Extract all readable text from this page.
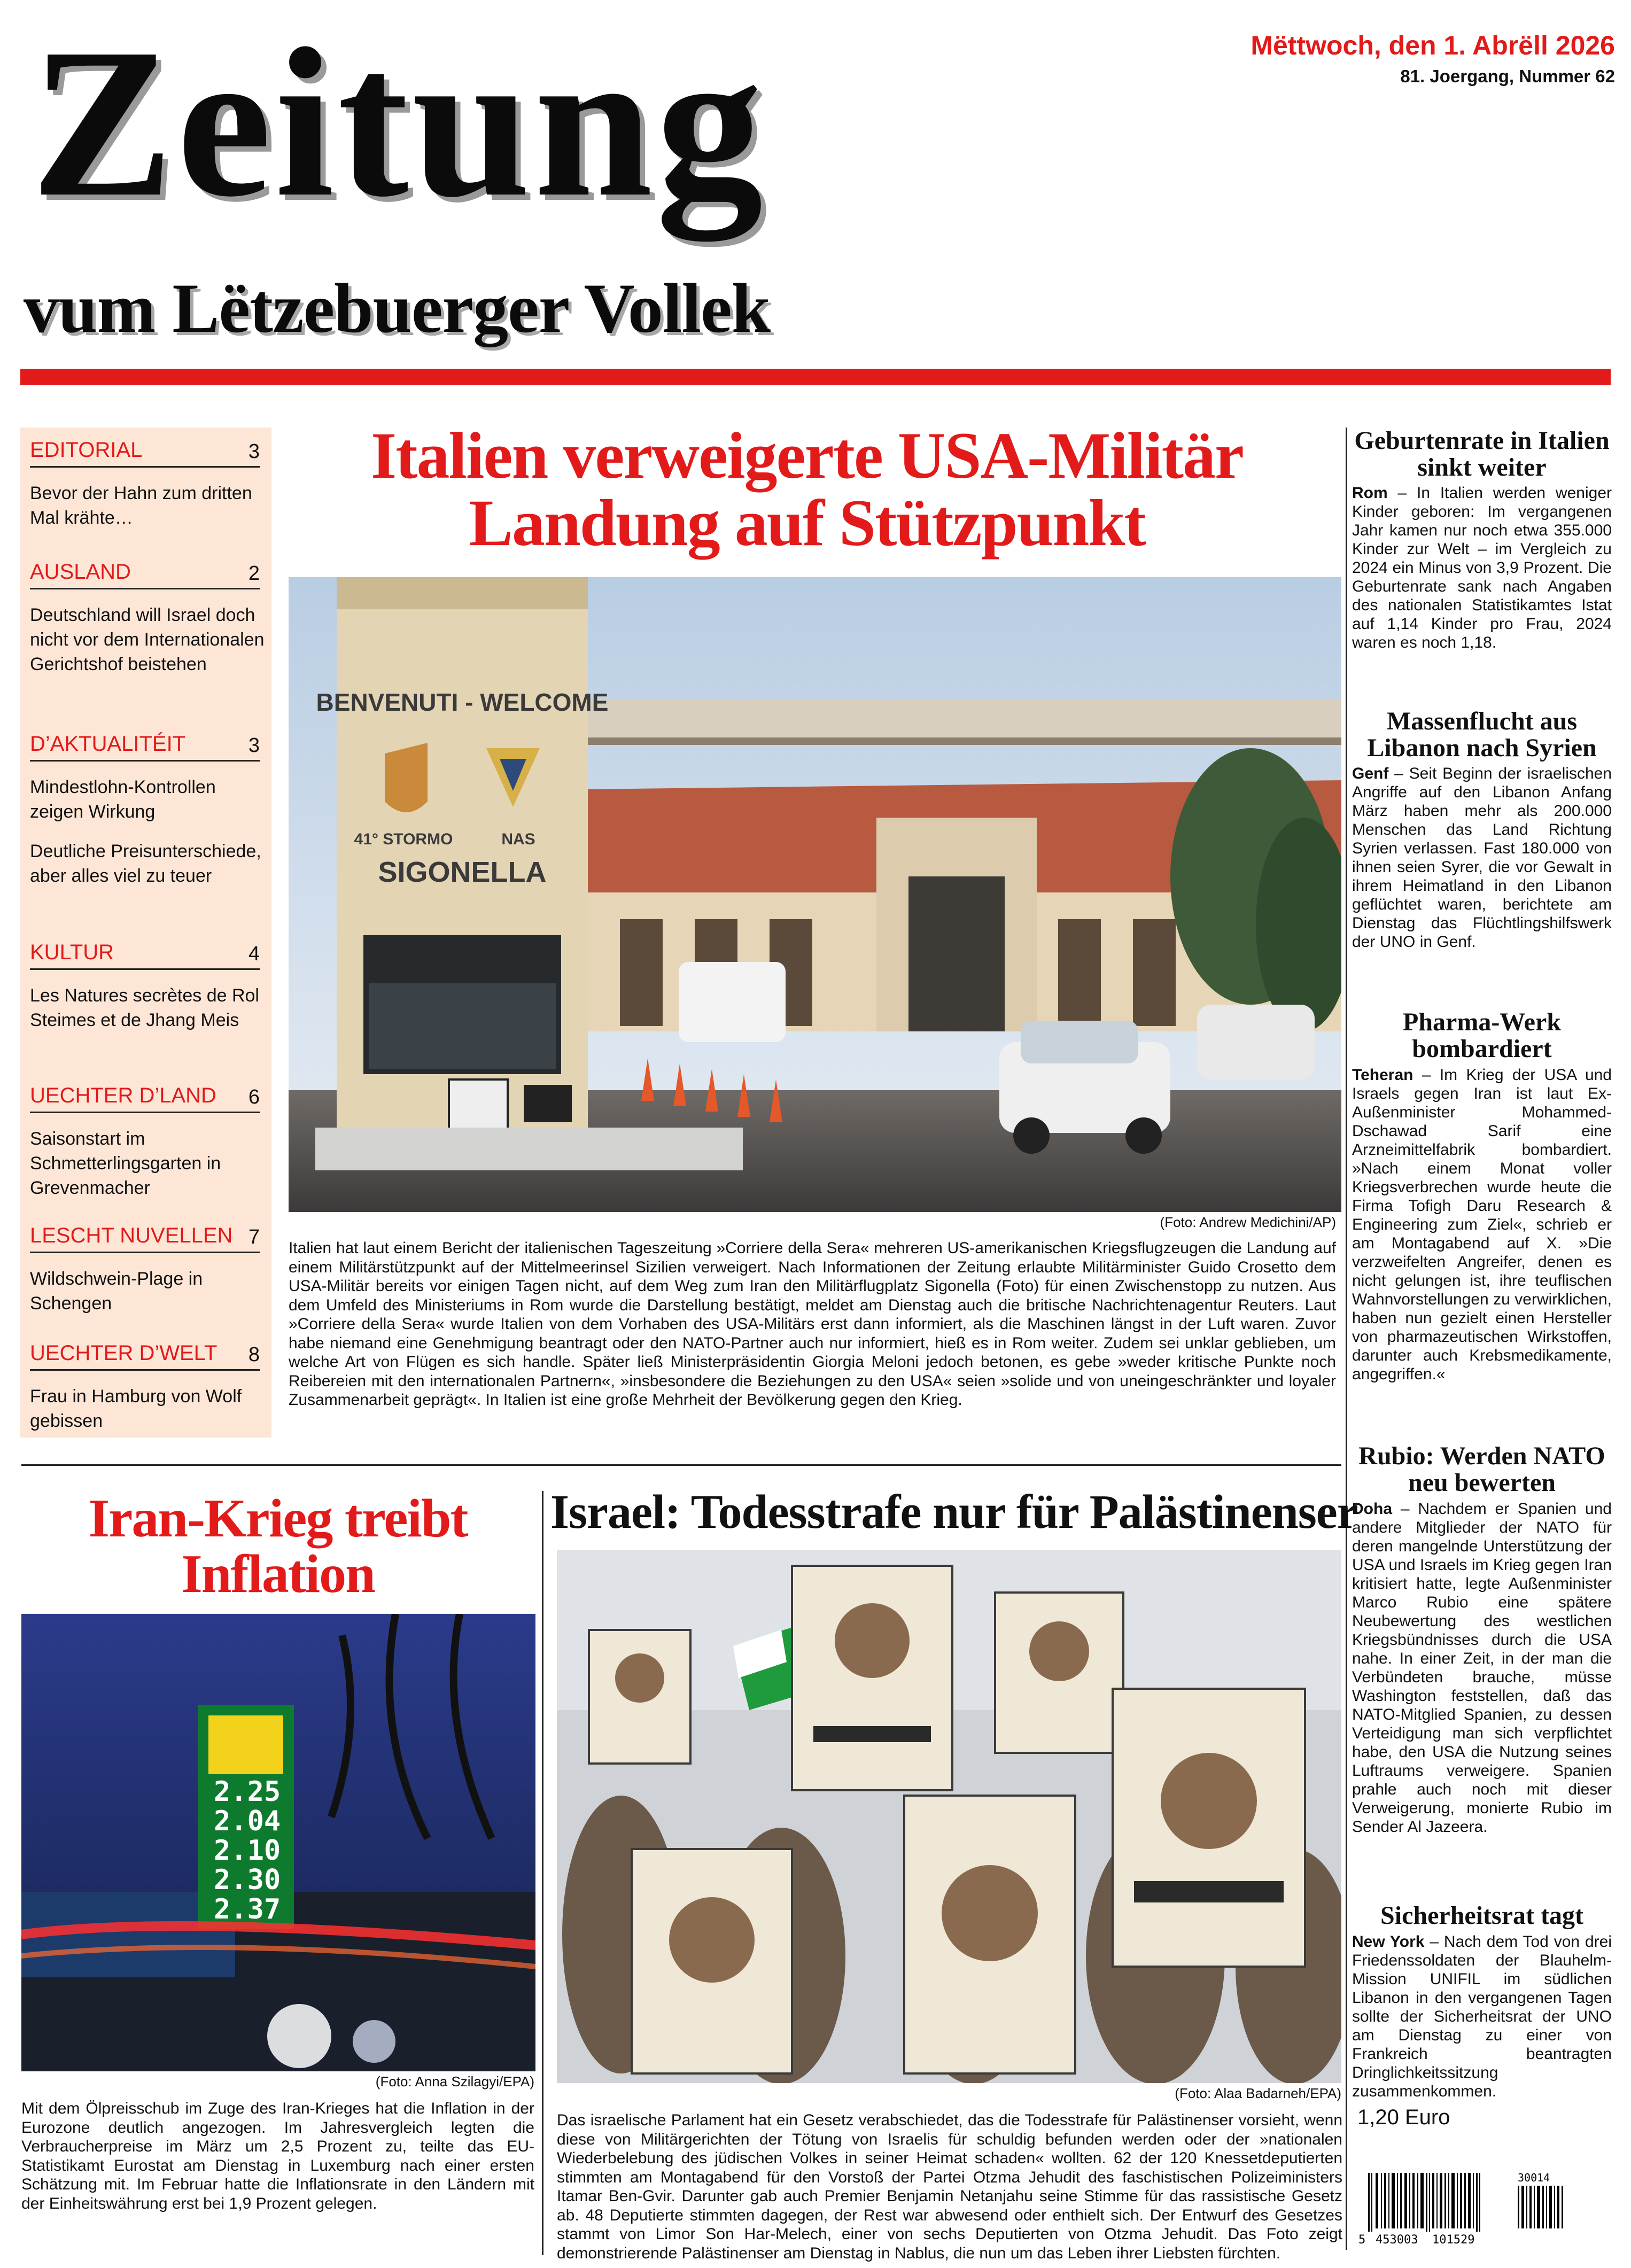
Zeitung
vum Lëtzebuerger Vollek
Mëttwoch, den 1. Abrëll 2026
81. Joergang, Nummer 62
EDITORIAL	3
Bevor der Hahn zum dritten Mal krähte…
AUSLAND	2
Deutschland will Israel doch nicht vor dem Internationalen Gerichtshof beistehen
D’AKTUALITÉIT	3
Mindestlohn-Kontrollen zeigen Wirkung
Deutliche Preisunterschiede, aber alles viel zu teuer
KULTUR	4
Les Natures secrètes de Rol Steimes et de Jhang Meis
UECHTER D’LAND 6
Saisonstart im Schmetterlingsgarten in Grevenmacher
LESCHT NUVELLEN 7
Wildschwein-Plage in Schengen
UECHTER D’WELT 8
Frau in Hamburg von Wolf gebissen
Italien verweigerte USA-Militär
Landung auf Stützpunkt
BENVENUTI - WELCOME
41° STORMO	NAS
SIGONELLA
(Foto: Andrew Medichini/AP)
Italien hat laut einem Bericht der italienischen Tageszeitung »Corriere della Sera« mehreren US-amerikanischen Kriegsflugzeugen die Landung auf einem Militärstützpunkt auf der Mittelmeerinsel Sizilien verweigert. Nach Informationen der Zeitung erlaubte Militärminister Guido Crosetto dem USA-Militär bereits vor einigen Tagen nicht, auf dem Weg zum Iran den Militärflugplatz Sigonella (Foto) für einen Zwischenstopp zu nutzen. Aus dem Umfeld des Ministeriums in Rom wurde die Darstellung bestätigt, meldet am Dienstag auch die britische Nachrichtenagentur Reuters. Laut »Corriere della Sera« wurde Italien von dem Vorhaben des USA-Militärs erst dann informiert, als die Maschinen längst in der Luft waren. Zuvor habe niemand eine Genehmigung beantragt oder den NATO-Partner auch nur informiert, hieß es in Rom weiter. Zudem sei unklar geblieben, um welche Art von Flügen es sich handle. Später ließ Ministerpräsidentin Giorgia Meloni jedoch betonen, es gebe »weder kritische Punkte noch Reibereien mit den internationalen Partnern«, »insbesondere die Beziehungen zu den USA« seien »solide und von uneingeschränkter und loyaler Zusammenarbeit geprägt«. In Italien ist eine große Mehrheit der Bevölkerung gegen den Krieg.
Iran-Krieg treibt
Inflation
2.25
2.04
2.10
2.30
2.37
(Foto: Anna Szilagyi/EPA)
Mit dem Ölpreisschub im Zuge des Iran-Krieges hat die Inflation in der Eurozone deutlich angezogen. Im Jahresvergleich legten die Verbraucherpreise im März um 2,5 Prozent zu, teilte das EU-Statistikamt Eurostat am Dienstag in Luxemburg nach einer ersten Schätzung mit. Im Februar hatte die Inflationsrate in den Ländern mit der Einheitswährung erst bei 1,9 Prozent gelegen.
Israel: Todesstrafe nur für Palästinenser
(Foto: Alaa Badarneh/EPA)
Das israelische Parlament hat ein Gesetz verabschiedet, das die Todesstrafe für Palästinenser vorsieht, wenn diese von Militärgerichten der Tötung von Israelis für schuldig befunden werden oder der »nationalen Wiederbelebung des jüdischen Volkes in seiner Heimat schaden« wollten. 62 der 120 Knessetdeputierten stimmten am Montagabend für den Vorstoß der Partei Otzma Jehudit des faschistischen Polizeiministers Itamar Ben-Gvir. Darunter gab auch Premier Benjamin Netanjahu seine Stimme für das rassistische Gesetz ab. 48 Deputierte stimmten dagegen, der Rest war abwesend oder enthielt sich. Der Entwurf des Gesetzes stammt von Limor Son Har-Melech, einer von sechs Deputierten von Otzma Jehudit. Das Foto zeigt demonstrierende Palästinenser am Dienstag in Nablus, die nun um das Leben ihrer Liebsten fürchten.
Geburtenrate in Italien sinkt weiter
Rom – In Italien werden weniger Kinder geboren: Im vergangenen Jahr kamen nur noch etwa 355.000 Kinder zur Welt – im Vergleich zu 2024 ein Minus von 3,9 Prozent. Die Geburtenrate sank nach Angaben des nationalen Statistikamtes Istat auf 1,14 Kinder pro Frau, 2024 waren es noch 1,18.
Massenflucht aus Libanon nach Syrien
Genf – Seit Beginn der israelischen Angriffe auf den Libanon Anfang März haben mehr als 200.000 Menschen das Land Richtung Syrien verlassen. Fast 180.000 von ihnen seien Syrer, die vor Gewalt in ihrem Heimatland in den Libanon geflüchtet waren, berichtete am Dienstag das Flüchtlingshilfswerk der UNO in Genf.
Pharma-Werk bombardiert
Teheran – Im Krieg der USA und Israels gegen Iran ist laut Ex-Außenminister Mohammed-Dschawad Sarif eine Arzneimittelfabrik bombardiert. »Nach einem Monat voller Kriegsverbrechen wurde heute die Firma Tofigh Daru Research & Engineering zum Ziel«, schrieb er am Montagabend auf X. »Die verzweifelten Angreifer, denen es nicht gelungen ist, ihre teuflischen Wahnvorstellungen zu verwirklichen, haben nun gezielt einen Hersteller von pharmazeutischen Wirkstoffen, darunter auch Krebsmedikamente, angegriffen.«
Rubio: Werden NATO neu bewerten
Doha – Nachdem er Spanien und andere Mitglieder der NATO für deren mangelnde Unterstützung der USA und Israels im Krieg gegen Iran kritisiert hatte, legte Außenminister Marco Rubio eine spätere Neubewertung des westlichen Kriegsbündnisses durch die USA nahe. In einer Zeit, in der man die Verbündeten brauche, müsse Washington feststellen, daß das NATO-Mitglied Spanien, zu dessen Verteidigung man sich verpflichtet habe, den USA die Nutzung seines Luftraums verweigere. Spanien prahle auch noch mit dieser Verweigerung, monierte Rubio im Sender Al Jazeera.
Sicherheitsrat tagt
New York – Nach dem Tod von drei Friedenssoldaten der Blauhelm-Mission UNIFIL im südlichen Libanon in den vergangenen Tagen sollte der Sicherheitsrat der UNO am Dienstag zu einer von Frankreich beantragten Dringlichkeitssitzung zusammenkommen.
1,20 Euro
30014
5 453003 101529
